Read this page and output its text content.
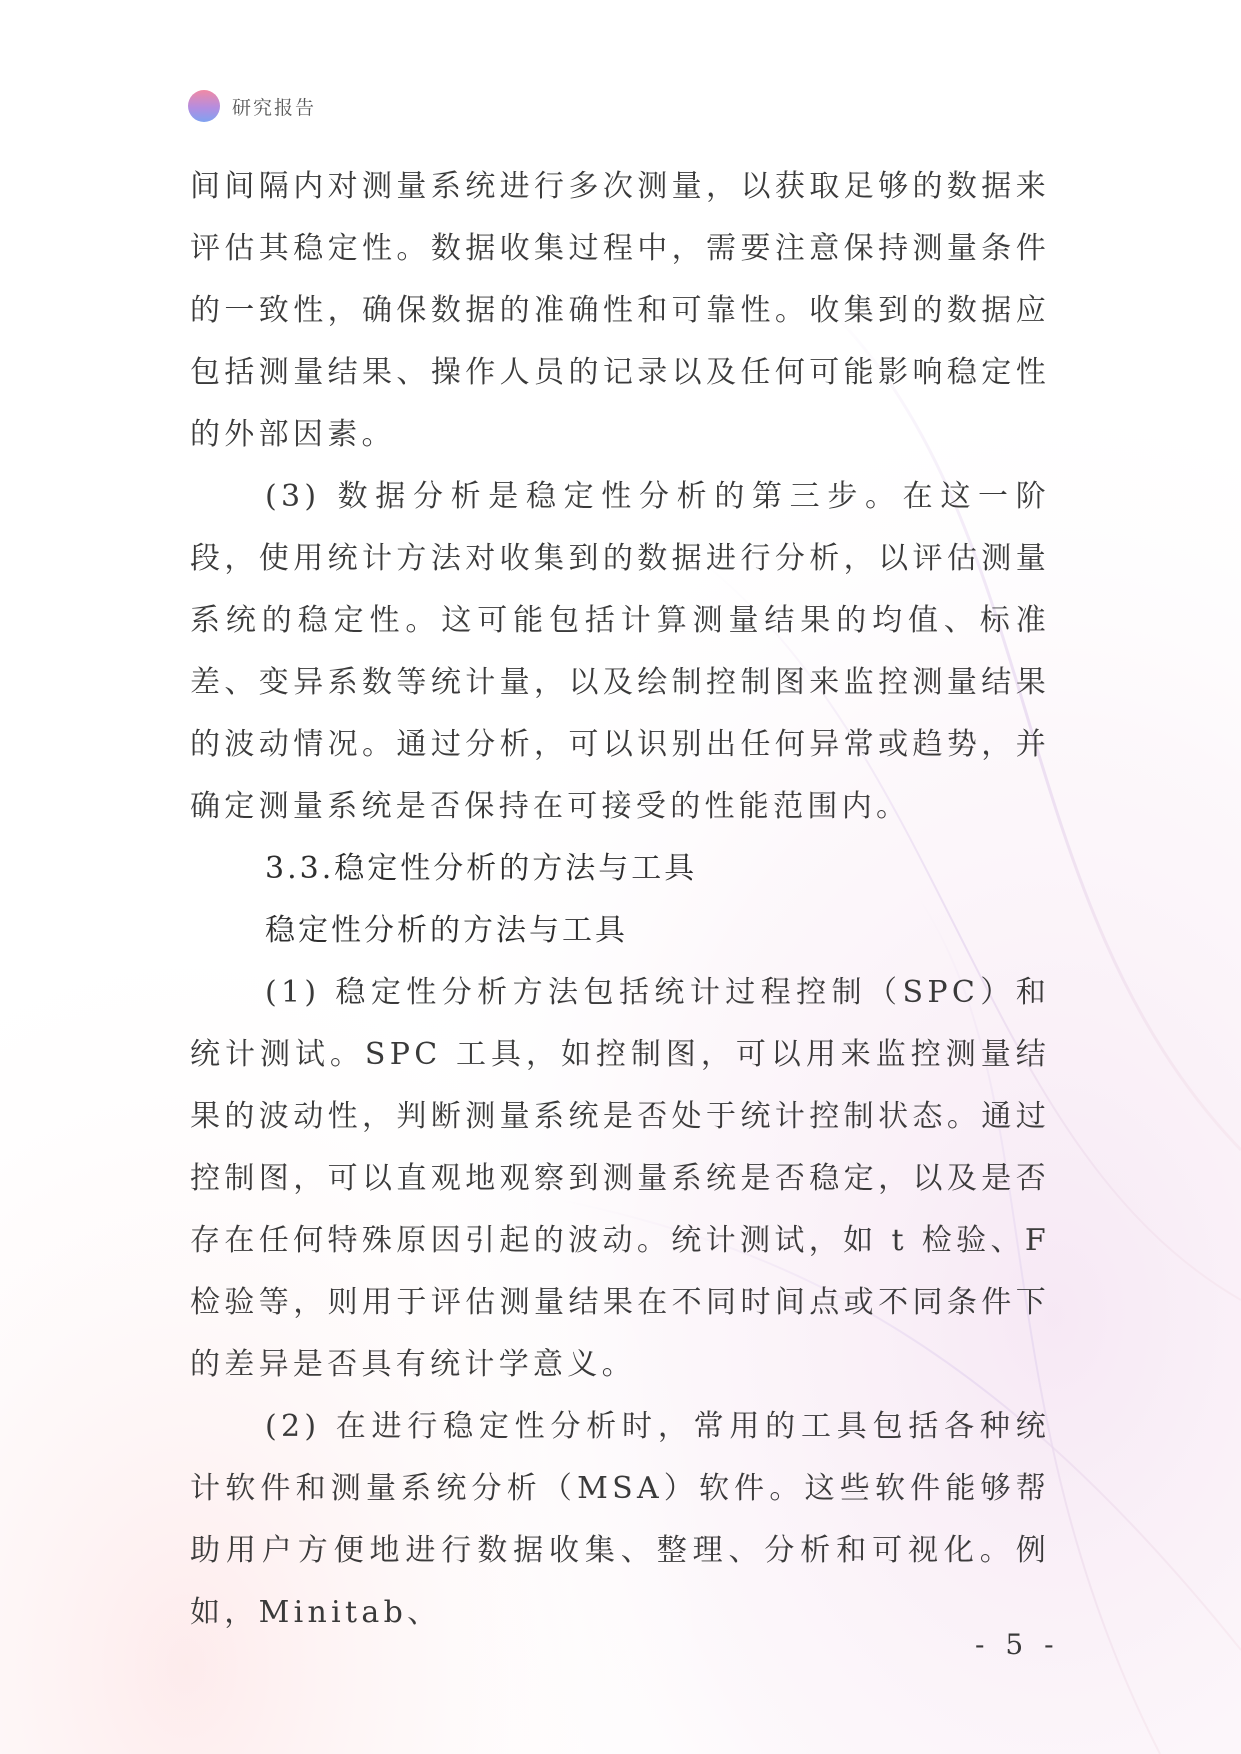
研究报告

间间隔内对测量系统进行多次测量，以获取足够的数据来评估其稳定性。数据收集过程中，需要注意保持测量条件的一致性，确保数据的准确性和可靠性。收集到的数据应包括测量结果、操作人员的记录以及任何可能影响稳定性的外部因素。

(3) 数据分析是稳定性分析的第三步。在这一阶段，使用统计方法对收集到的数据进行分析，以评估测量系统的稳定性。这可能包括计算测量结果的均值、标准差、变异系数等统计量，以及绘制控制图来监控测量结果的波动情况。通过分析，可以识别出任何异常或趋势，并确定测量系统是否保持在可接受的性能范围内。

3.3.稳定性分析的方法与工具

稳定性分析的方法与工具

(1) 稳定性分析方法包括统计过程控制（SPC）和统计测试。SPC 工具，如控制图，可以用来监控测量结果的波动性，判断测量系统是否处于统计控制状态。通过控制图，可以直观地观察到测量系统是否稳定，以及是否存在任何特殊原因引起的波动。统计测试，如 t 检验、F 检验等，则用于评估测量结果在不同时间点或不同条件下的差异是否具有统计学意义。

(2) 在进行稳定性分析时，常用的工具包括各种统计软件和测量系统分析（MSA）软件。这些软件能够帮助用户方便地进行数据收集、整理、分析和可视化。例如，Minitab、

- 5 -
